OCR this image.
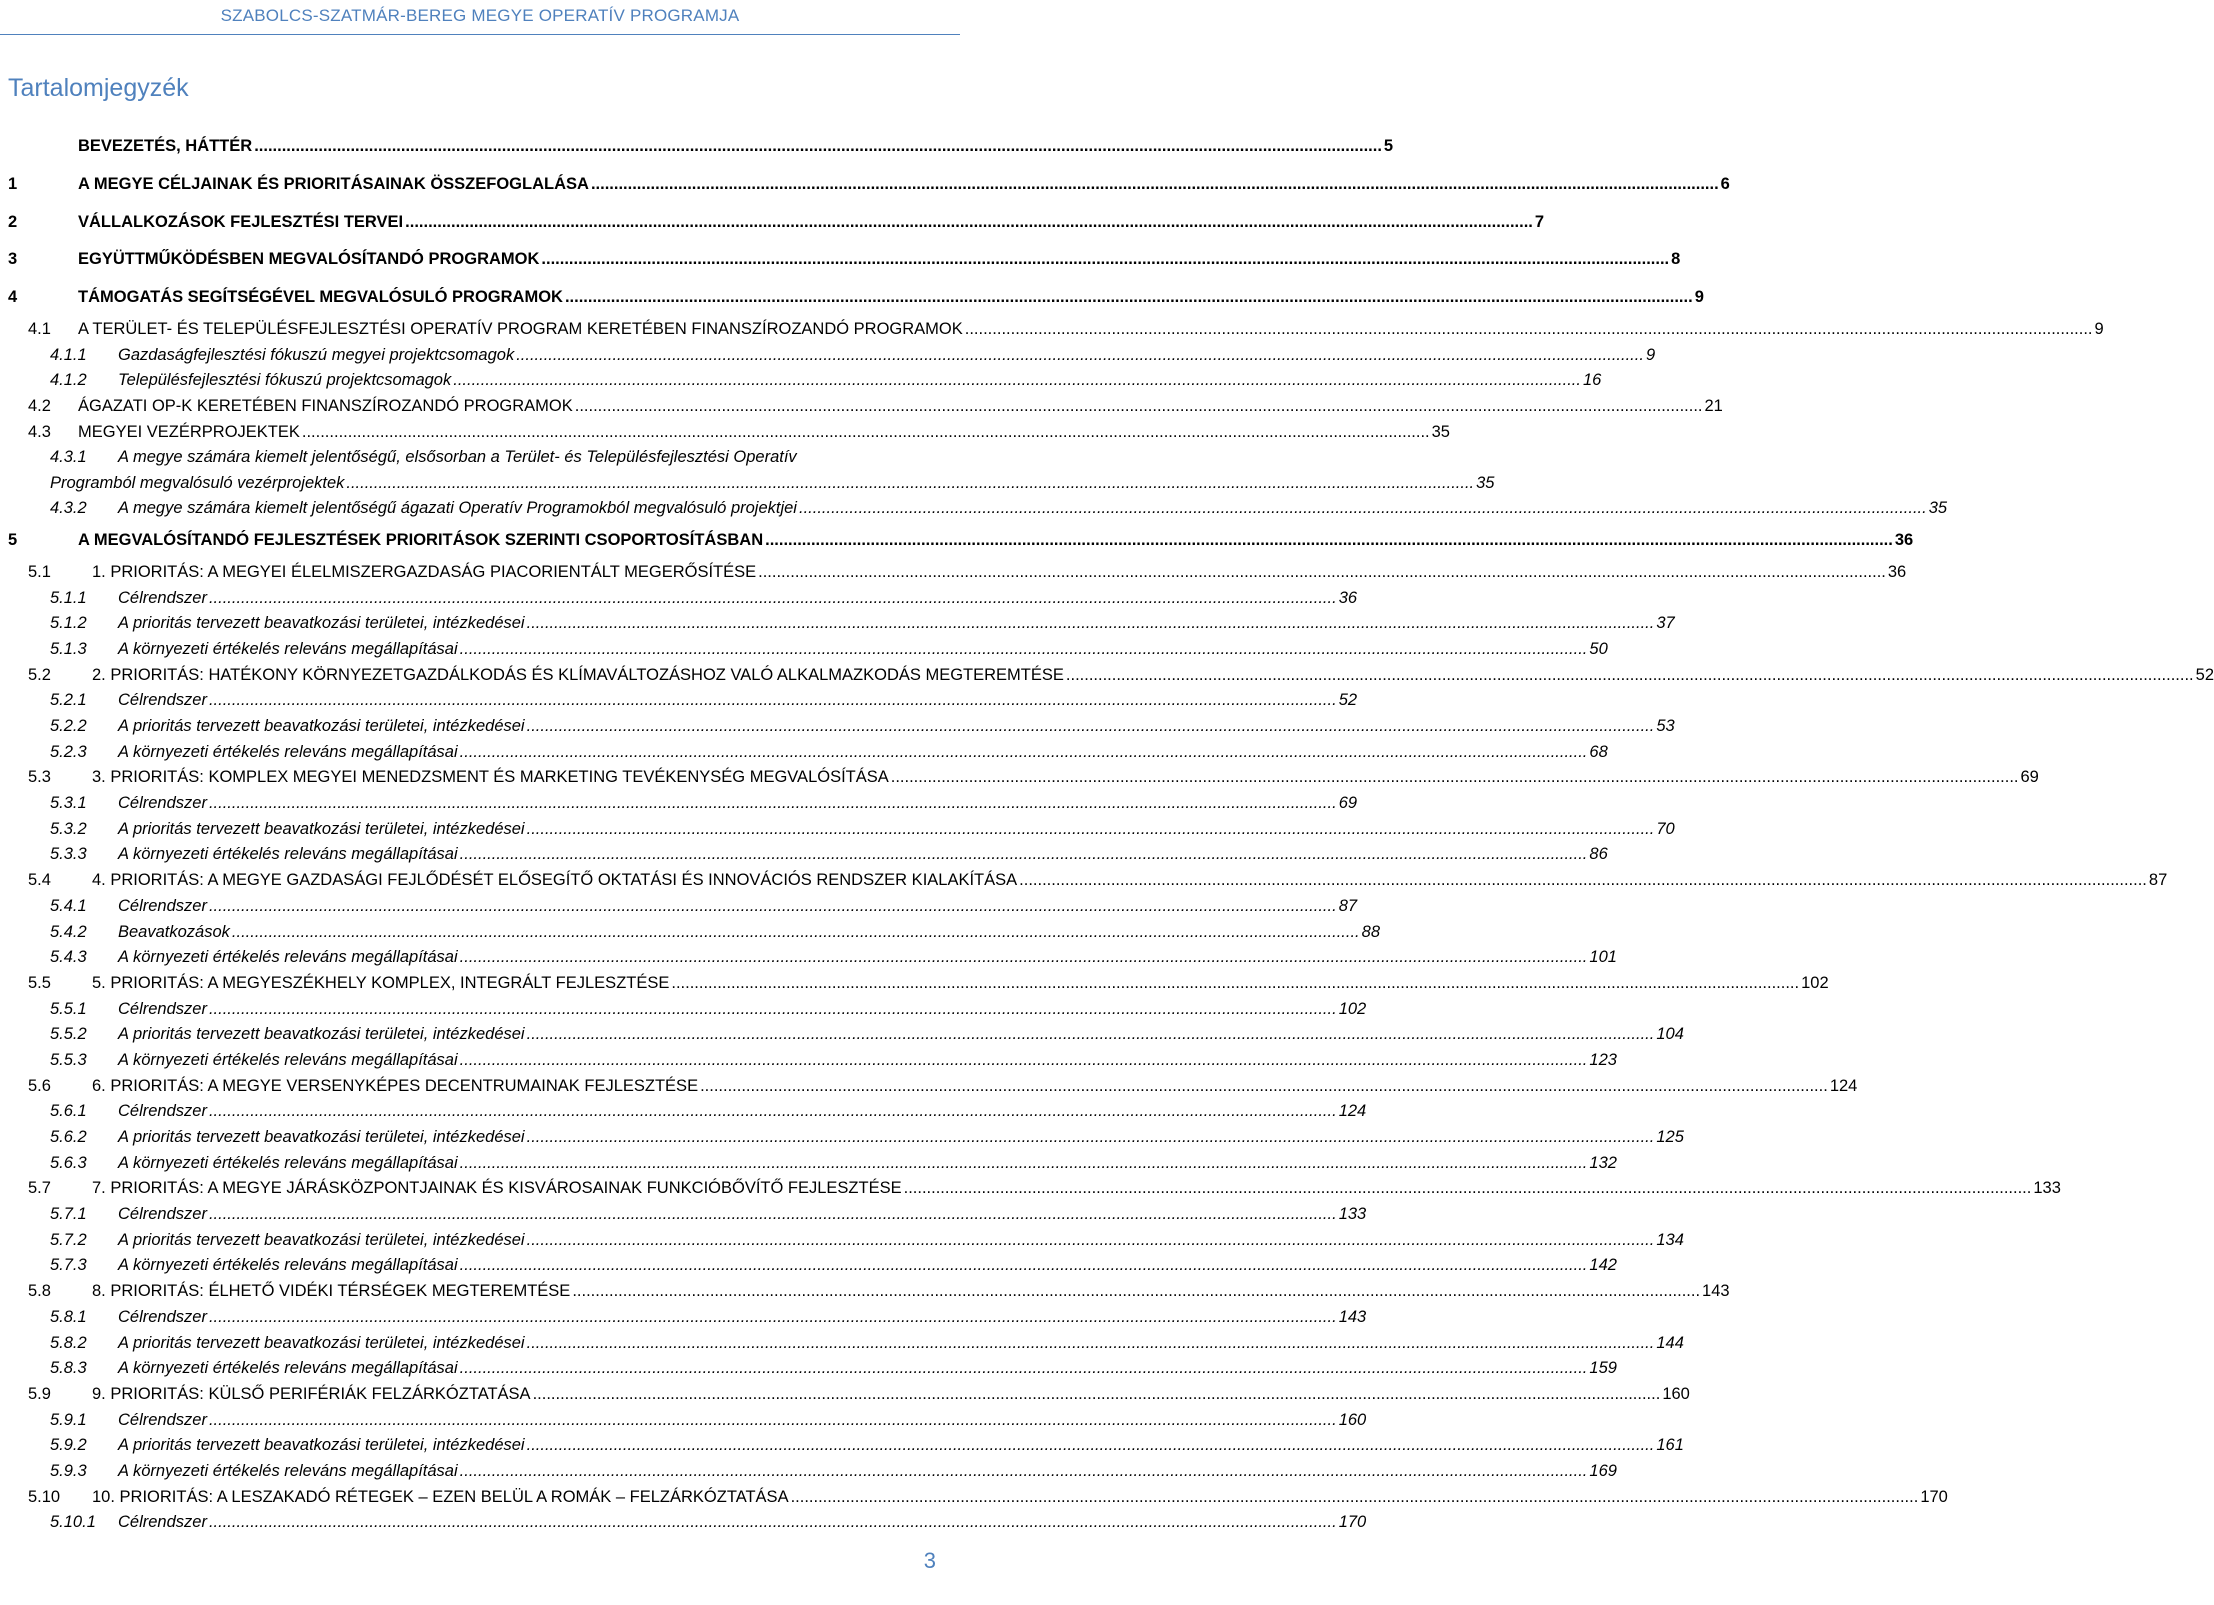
SZABOLCS-SZATMÁR-BEREG MEGYE OPERATÍV PROGRAMJA
Tartalomjegyzék
BEVEZETÉS, HÁTTÉR .....	5
1	A MEGYE CÉLJAINAK ÉS PRIORITÁSAINAK ÖSSZEFOGLALÁSA .....	6
2	VÁLLALKOZÁSOK FEJLESZTÉSI TERVEI .....	7
3	EGYÜTTMŰKÖDÉSBEN MEGVALÓSÍTANDÓ PROGRAMOK .....	8
4	TÁMOGATÁS SEGÍTSÉGÉVEL MEGVALÓSULÓ PROGRAMOK .....	9
4.1	A TERÜLET- ÉS TELEPÜLÉSFEJLESZTÉSI OPERATÍV PROGRAM KERETÉBEN FINANSZÍROZANDÓ PROGRAMOK .....	9
4.1.1	Gazdaságfejlesztési fókuszú megyei projektcsomagok .....	9
4.1.2	Településfejlesztési fókuszú projektcsomagok .....	16
4.2	ÁGAZATI OP-K KERETÉBEN FINANSZÍROZANDÓ PROGRAMOK .....	21
4.3	MEGYEI VEZÉRPROJEKTEK .....	35
4.3.1	A megye számára kiemelt jelentőségű, elsősorban a Terület- és Településfejlesztési Operatív
Programból megvalósuló vezérprojektek .....	35
4.3.2	A megye számára kiemelt jelentőségű ágazati Operatív Programokból megvalósuló projektjei .....	35
5	A MEGVALÓSÍTANDÓ FEJLESZTÉSEK PRIORITÁSOK SZERINTI CSOPORTOSÍTÁSBAN .....	36
5.1	1. PRIORITÁS: A MEGYEI ÉLELMISZERGAZDASÁG PIACORIENTÁLT MEGERŐSÍTÉSE .....	36
5.1.1	Célrendszer .....	36
5.1.2	A prioritás tervezett beavatkozási területei, intézkedései .....	37
5.1.3	A környezeti értékelés releváns megállapításai .....	50
5.2	2. PRIORITÁS: HATÉKONY KÖRNYEZETGAZDÁLKODÁS ÉS KLÍMAVÁLTOZÁSHOZ VALÓ ALKALMAZKODÁS MEGTEREMTÉSE .....	52
5.2.1	Célrendszer .....	52
5.2.2	A prioritás tervezett beavatkozási területei, intézkedései .....	53
5.2.3	A környezeti értékelés releváns megállapításai .....	68
5.3	3. PRIORITÁS: KOMPLEX MEGYEI MENEDZSMENT ÉS MARKETING TEVÉKENYSÉG MEGVALÓSÍTÁSA .....	69
5.3.1	Célrendszer .....	69
5.3.2	A prioritás tervezett beavatkozási területei, intézkedései .....	70
5.3.3	A környezeti értékelés releváns megállapításai .....	86
5.4	4. PRIORITÁS: A MEGYE GAZDASÁGI FEJLŐDÉSÉT ELŐSEGÍTŐ OKTATÁSI ÉS INNOVÁCIÓS RENDSZER KIALAKÍTÁSA .....	87
5.4.1	Célrendszer .....	87
5.4.2	Beavatkozások .....	88
5.4.3	A környezeti értékelés releváns megállapításai .....	101
5.5	5. PRIORITÁS: A MEGYESZÉKHELY KOMPLEX, INTEGRÁLT FEJLESZTÉSE .....	102
5.5.1	Célrendszer .....	102
5.5.2	A prioritás tervezett beavatkozási területei, intézkedései .....	104
5.5.3	A környezeti értékelés releváns megállapításai .....	123
5.6	6. PRIORITÁS: A MEGYE VERSENYKÉPES DECENTRUMAINAK FEJLESZTÉSE .....	124
5.6.1	Célrendszer .....	124
5.6.2	A prioritás tervezett beavatkozási területei, intézkedései .....	125
5.6.3	A környezeti értékelés releváns megállapításai .....	132
5.7	7. PRIORITÁS: A MEGYE JÁRÁSKÖZPONTJAINAK ÉS KISVÁROSAINAK FUNKCIÓBŐVÍTŐ FEJLESZTÉSE .....	133
5.7.1	Célrendszer .....	133
5.7.2	A prioritás tervezett beavatkozási területei, intézkedései .....	134
5.7.3	A környezeti értékelés releváns megállapításai .....	142
5.8	8. PRIORITÁS: ÉLHETŐ VIDÉKI TÉRSÉGEK MEGTEREMTÉSE .....	143
5.8.1	Célrendszer .....	143
5.8.2	A prioritás tervezett beavatkozási területei, intézkedései .....	144
5.8.3	A környezeti értékelés releváns megállapításai .....	159
5.9	9. PRIORITÁS: KÜLSŐ PERIFÉRIÁK FELZÁRKÓZTATÁSA .....	160
5.9.1	Célrendszer .....	160
5.9.2	A prioritás tervezett beavatkozási területei, intézkedései .....	161
5.9.3	A környezeti értékelés releváns megállapításai .....	169
5.10	10. PRIORITÁS: A LESZAKADÓ RÉTEGEK – EZEN BELÜL A ROMÁK – FELZÁRKÓZTATÁSA .....	170
5.10.1	Célrendszer .....	170
3
